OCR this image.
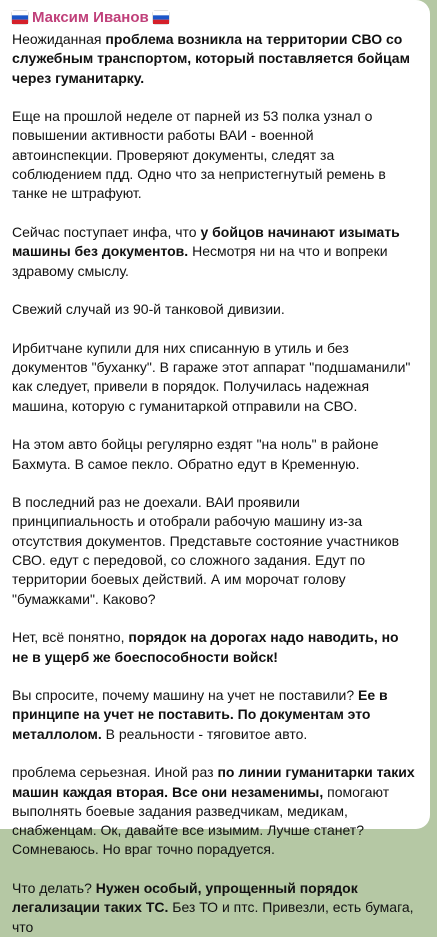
Максим Иванов
Неожиданная проблема возникла на территории СВО со служебным транспортом, который поставляется бойцам через гуманитарку.
Еще на прошлой неделе от парней из 53 полка узнал о повышении активности работы ВАИ - военной автоинспекции. Проверяют документы, следят за соблюдением пдд. Одно что за непристегнутый ремень в танке не штрафуют.
Сейчас поступает инфа, что у бойцов начинают изымать машины без документов. Несмотря ни на что и вопреки здравому смыслу.
Свежий случай из 90-й танковой дивизии.
Ирбитчане купили для них списанную в утиль и без документов "буханку". В гараже этот аппарат "подшаманили" как следует, привели в порядок. Получилась надежная машина, которую с гуманитаркой отправили на СВО.
На этом авто бойцы регулярно ездят "на ноль" в районе Бахмута. В самое пекло. Обратно едут в Кременную.
В последний раз не доехали. ВАИ проявили принципиальность и отобрали рабочую машину из-за отсутствия документов. Представьте состояние участников СВО. едут с передовой, со сложного задания. Едут по территории боевых действий. А им морочат голову "бумажками". Каково?
Нет, всё понятно, порядок на дорогах надо наводить, но не в ущерб же боеспособности войск!
Вы спросите, почему машину на учет не поставили? Ее в принципе на учет не поставить. По документам это металлолом. В реальности - тяговитое авто.
проблема серьезная. Иной раз по линии гуманитарки таких машин каждая вторая. Все они незаменимы, помогают выполнять боевые задания разведчикам, медикам, снабженцам. Ок, давайте все изымим. Лучше станет? Сомневаюсь. Но враг точно порадуется.
Что делать? Нужен особый, упрощенный порядок легализации таких ТС. Без ТО и птс. Привезли, есть бумага, что
